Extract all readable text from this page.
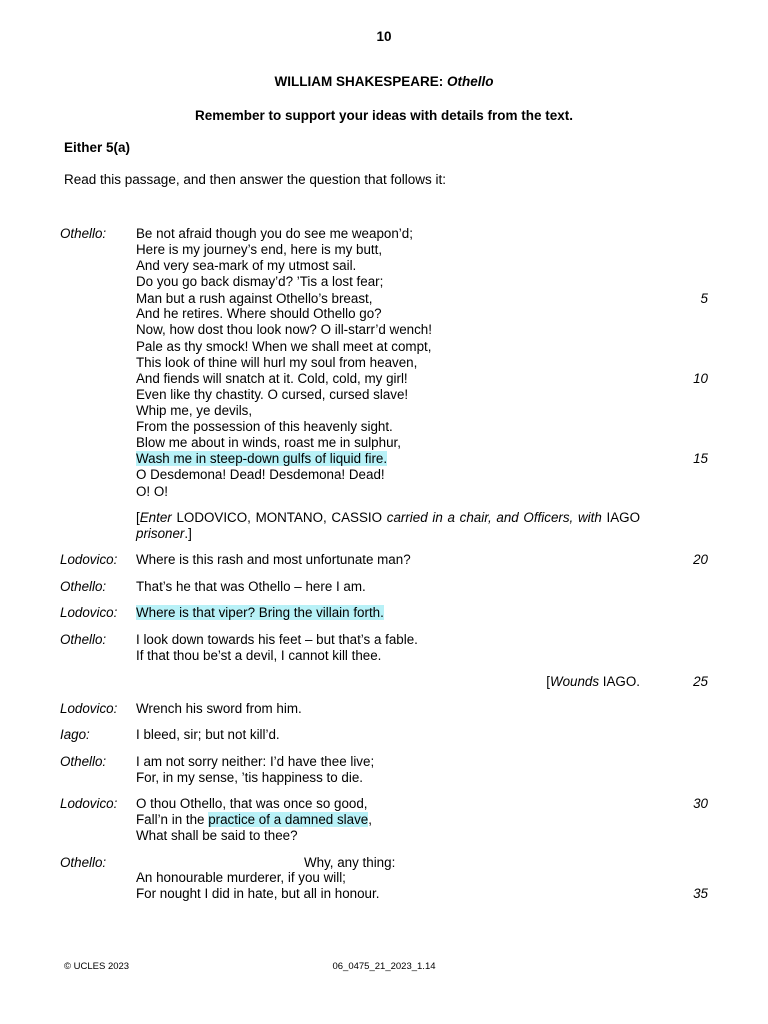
10
WILLIAM SHAKESPEARE: Othello
Remember to support your ideas with details from the text.
Either 5(a)
Read this passage, and then answer the question that follows it:
Othello: Be not afraid though you do see me weapon’d;
Here is my journey’s end, here is my butt,
And very sea-mark of my utmost sail.
Do you go back dismay’d? ’Tis a lost fear;
Man but a rush against Othello’s breast,	5
And he retires. Where should Othello go?
Now, how dost thou look now? O ill-starr’d wench!
Pale as thy smock! When we shall meet at compt,
This look of thine will hurl my soul from heaven,
And fiends will snatch at it. Cold, cold, my girl!	10
Even like thy chastity. O cursed, cursed slave!
Whip me, ye devils,
From the possession of this heavenly sight.
Blow me about in winds, roast me in sulphur,
Wash me in steep-down gulfs of liquid fire.	15
O Desdemona! Dead! Desdemona! Dead!
O! O!
[Enter LODOVICO, MONTANO, CASSIO carried in a chair, and Officers, with IAGO prisoner.]
Lodovico: Where is this rash and most unfortunate man?	20
Othello: That’s he that was Othello – here I am.
Lodovico: Where is that viper? Bring the villain forth.
Othello: I look down towards his feet – but that’s a fable.
If that thou be’st a devil, I cannot kill thee.
[Wounds IAGO.	25
Lodovico: Wrench his sword from him.
Iago:	I bleed, sir; but not kill’d.
Othello: I am not sorry neither: I’d have thee live;
For, in my sense, ’tis happiness to die.
Lodovico: O thou Othello, that was once so good,	30
Fall’n in the practice of a damned slave,
What shall be said to thee?
Othello:	Why, any thing:
An honourable murderer, if you will;
For nought I did in hate, but all in honour.	35
© UCLES 2023	06_0475_21_2023_1.14
